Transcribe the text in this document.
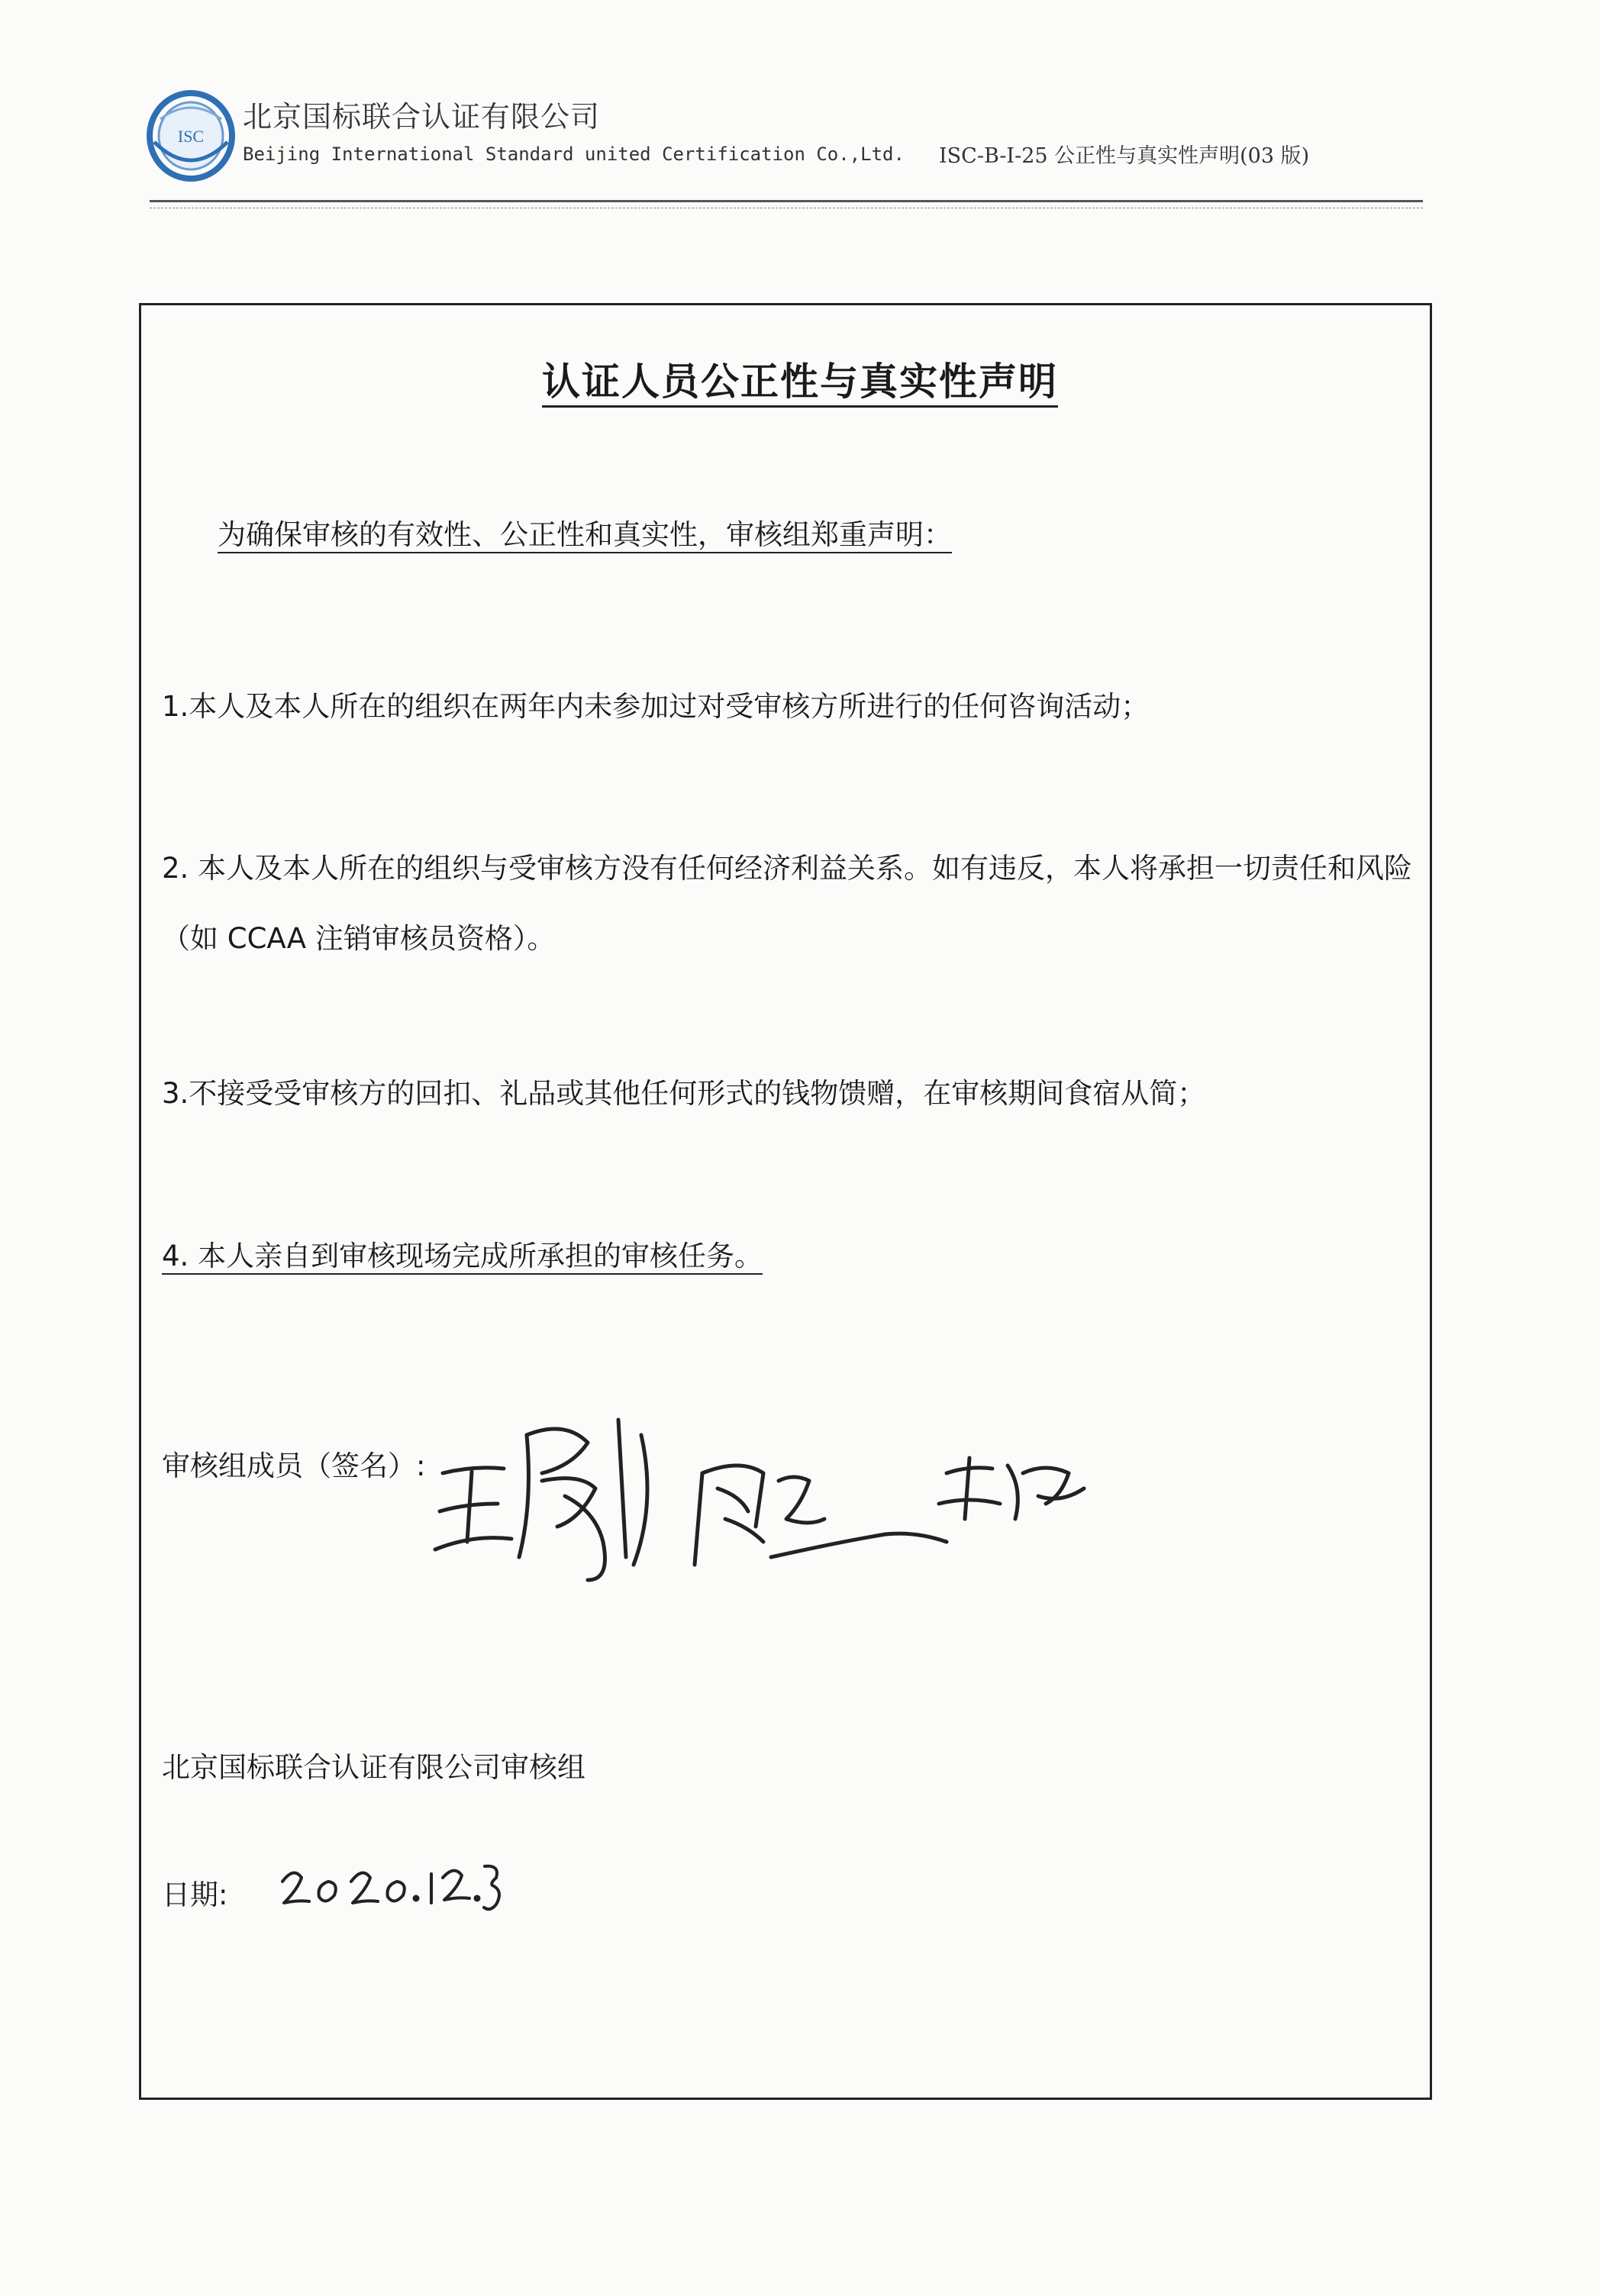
ISC
北京国标联合认证有限公司
Beijing International Standard united Certification Co.,Ltd. ISC-B-I-25 公正性与真实性声明(03 版)
认证人员公正性与真实性声明
为确保审核的有效性、公正性和真实性，审核组郑重声明：
1.本人及本人所在的组织在两年内未参加过对受审核方所进行的任何咨询活动；
2. 本人及本人所在的组织与受审核方没有任何经济利益关系。如有违反，本人将承担一切责任和风险（如 CCAA 注销审核员资格）。
3.不接受受审核方的回扣、礼品或其他任何形式的钱物馈赠，在审核期间食宿从简；
4. 本人亲自到审核现场完成所承担的审核任务。
审核组成员（签名）:
北京国标联合认证有限公司审核组
日期:
